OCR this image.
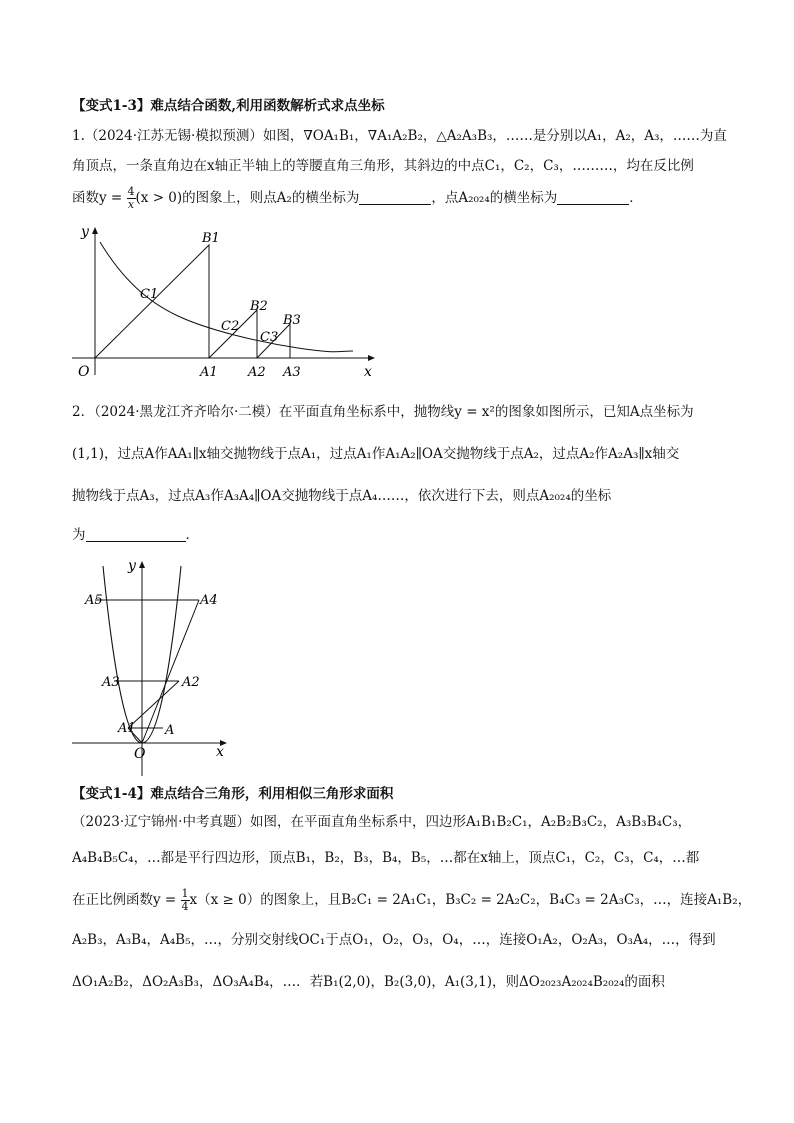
【变式1-3】难点结合函数,利用函数解析式求点坐标
1.（2024·江苏无锡·模拟预测）如图，∇OA₁B₁，∇A₁A₂B₂，△A₂A₃B₃，……是分别以A₁，A₂，A₃，……为直
角顶点，一条直角边在x轴正半轴上的等腰直角三角形，其斜边的中点C₁，C₂，C₃，………，均在反比例
函数$y = \frac{4}{x} (x > 0)$的图象上，则点A₂的横坐标为	，点A₂₀₂₄的横坐标为	．
y
x
O
B1
B2
B3
C1
C2
C3
A1 A2 A3
2．（2024·黑龙江齐齐哈尔·二模）在平面直角坐标系中，抛物线y = x²的图象如图所示，已知A点坐标为
(1,1)，过点A作AA₁∥x轴交抛物线于点A₁，过点A₁作A₁A₂∥OA交抛物线于点A₂，过点A₂作A₂A₃∥x轴交
抛物线于点A₃，过点A₃作A₃A₄∥OA交抛物线于点A₄……，依次进行下去，则点A₂₀₂₄的坐标
为	．
y
x
O
A
A1
A2
A3
A4
A5
【变式1-4】难点结合三角形，利用相似三角形求面积
（2023·辽宁锦州·中考真题）如图，在平面直角坐标系中，四边形A₁B₁B₂C₁，A₂B₂B₃C₂，A₃B₃B₄C₃，
A₄B₄B₅C₄，…都是平行四边形，顶点B₁，B₂，B₃，B₄，B₅，…都在x轴上，顶点C₁，C₂，C₃，C₄，…都
在正比例函数$y = \frac{1}{4} x(x \ge 0)$的图象上，且B₂C₁ = 2A₁C₁，B₃C₂ = 2A₂C₂，B₄C₃ = 2A₃C₃，…，连接A₁B₂，
A₂B₃，A₃B₄，A₄B₅，…，分别交射线OC₁于点O₁，O₂，O₃，O₄，…，连接O₁A₂，O₂A₃，O₃A₄，…，得到
ΔO₁A₂B₂，ΔO₂A₃B₃，ΔO₃A₄B₄，…．若B₁(2,0)，B₂(3,0)，A₁(3,1)，则ΔO₂₀₂₃A₂₀₂₄B₂₀₂₄的面积
